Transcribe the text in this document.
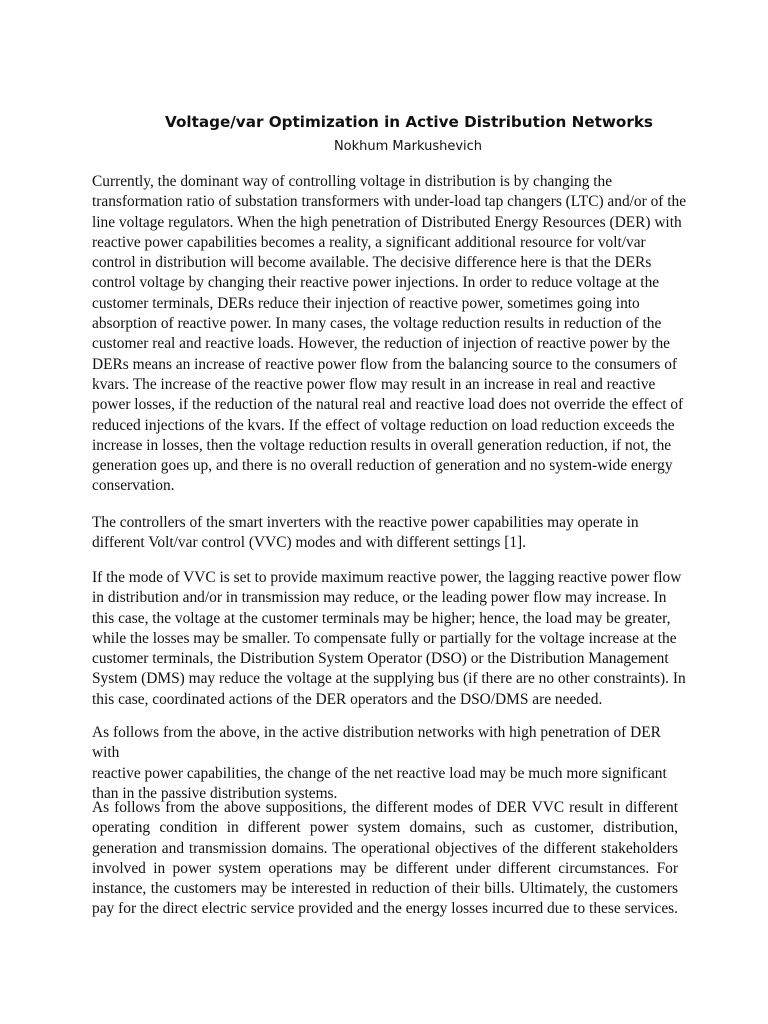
Voltage/var Optimization in Active Distribution Networks
Nokhum Markushevich

Currently, the dominant way of controlling voltage in distribution is by changing the
transformation ratio of substation transformers with under-load tap changers (LTC) and/or of the
line voltage regulators. When the high penetration of Distributed Energy Resources (DER) with
reactive power capabilities becomes a reality, a significant additional resource for volt/var
control in distribution will become available. The decisive difference here is that the DERs
control voltage by changing their reactive power injections. In order to reduce voltage at the
customer terminals, DERs reduce their injection of reactive power, sometimes going into
absorption of reactive power. In many cases, the voltage reduction results in reduction of the
customer real and reactive loads. However, the reduction of injection of reactive power by the
DERs means an increase of reactive power flow from the balancing source to the consumers of
kvars. The increase of the reactive power flow may result in an increase in real and reactive
power losses, if the reduction of the natural real and reactive load does not override the effect of
reduced injections of the kvars. If the effect of voltage reduction on load reduction exceeds the
increase in losses, then the voltage reduction results in overall generation reduction, if not, the
generation goes up, and there is no overall reduction of generation and no system-wide energy
conservation.

The controllers of the smart inverters with the reactive power capabilities may operate in
different Volt/var control (VVC) modes and with different settings [1].

If the mode of VVC is set to provide maximum reactive power, the lagging reactive power flow
in distribution and/or in transmission may reduce, or the leading power flow may increase. In
this case, the voltage at the customer terminals may be higher; hence, the load may be greater,
while the losses may be smaller. To compensate fully or partially for the voltage increase at the
customer terminals, the Distribution System Operator (DSO) or the Distribution Management
System (DMS) may reduce the voltage at the supplying bus (if there are no other constraints). In
this case, coordinated actions of the DER operators and the DSO/DMS are needed.

As follows from the above, in the active distribution networks with high penetration of DER with
reactive power capabilities, the change of the net reactive load may be much more significant
than in the passive distribution systems.

As follows from the above suppositions, the different modes of DER VVC result in different
operating condition in different power system domains, such as customer, distribution,
generation and transmission domains. The operational objectives of the different stakeholders
involved in power system operations may be different under different circumstances. For
instance, the customers may be interested in reduction of their bills. Ultimately, the customers
pay for the direct electric service provided and the energy losses incurred due to these services.
